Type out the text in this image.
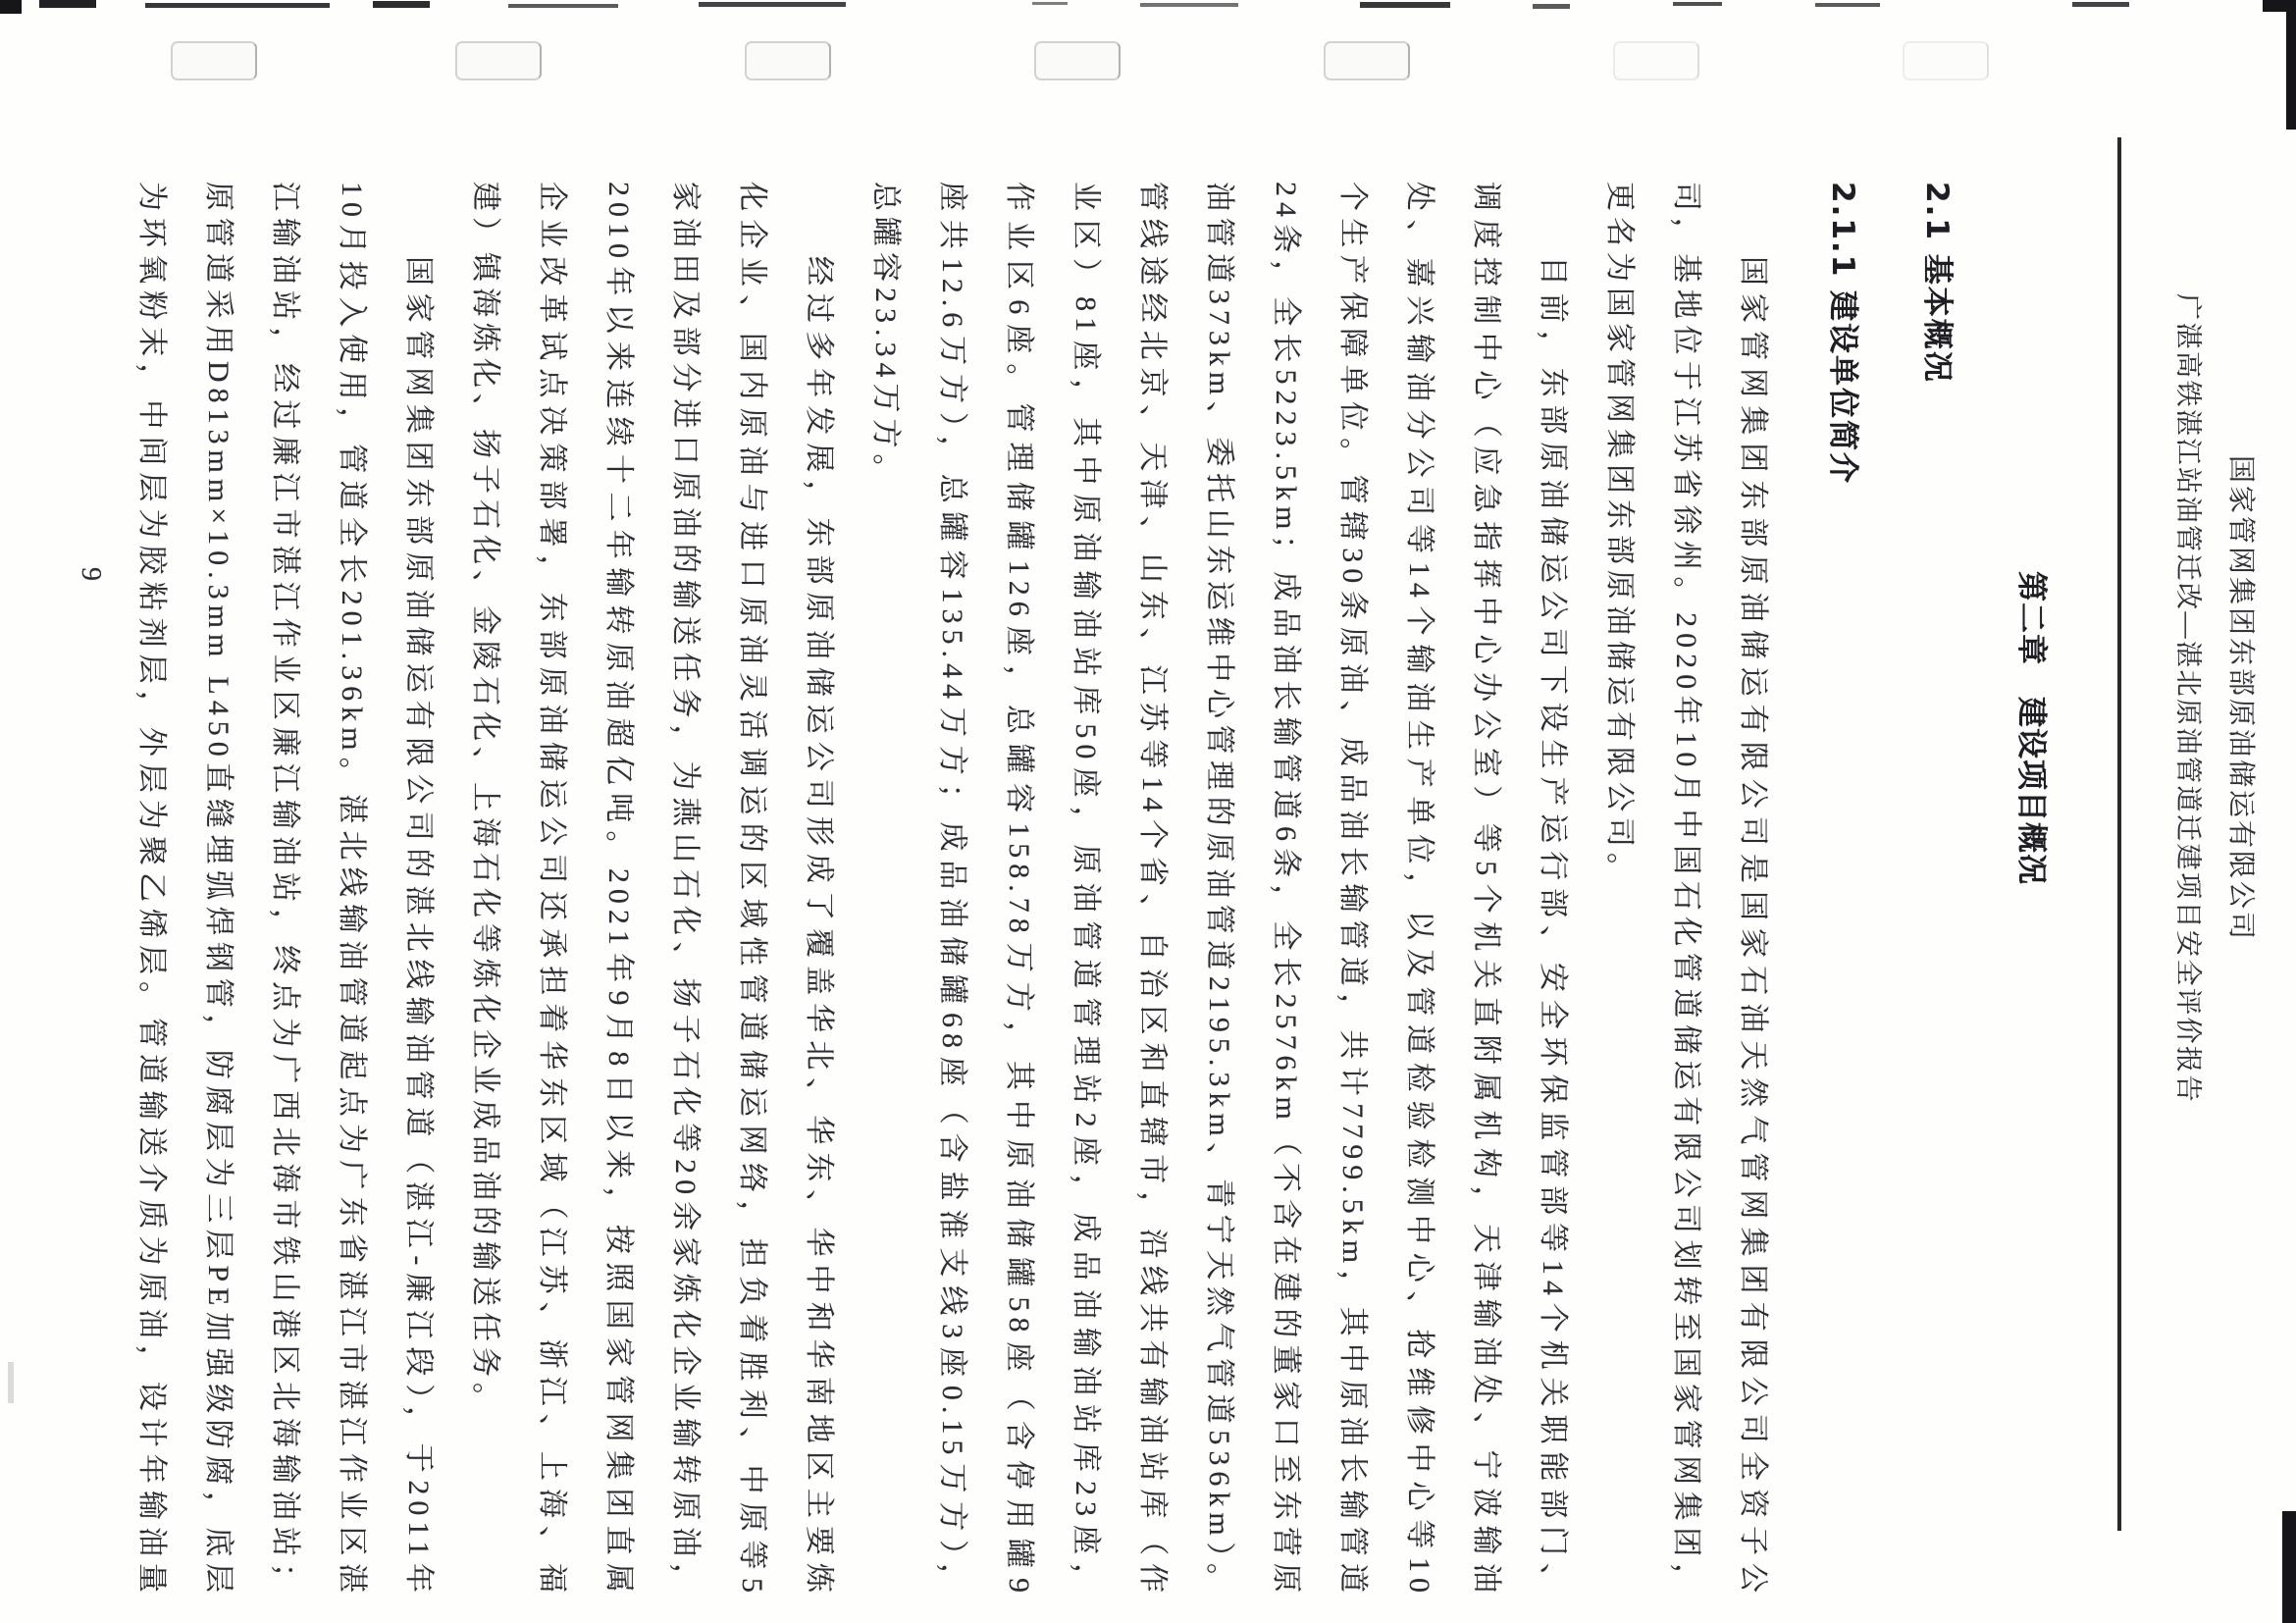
国家管网集团东部原油储运有限公司
广湛高铁湛江站油管迁改—湛北原油管道迁建项目安全评价报告
第二章　建设项目概况
2.1 基本概况
2.1.1 建设单位简介
国家管网集团东部原油储运有限公司是国家石油天然气管网集团有限公司全资子公
司，基地位于江苏省徐州。2020年10月中国石化管道储运有限公司划转至国家管网集团，
更名为国家管网集团东部原油储运有限公司。
目前，东部原油储运公司下设生产运行部、安全环保监管部等14个机关职能部门、
调度控制中心（应急指挥中心办公室）等5个机关直附属机构，天津输油处、宁波输油
处、嘉兴输油分公司等14个输油生产单位，以及管道检验检测中心、抢维修中心等10
个生产保障单位。管辖30条原油、成品油长输管道，共计7799.5km，其中原油长输管道
24条，全长5223.5km；成品油长输管道6条，全长2576km（不含在建的董家口至东营原
油管道373km、委托山东运维中心管理的原油管道2195.3km、青宁天然气管道536km）。
管线途经北京、天津、山东、江苏等14个省、自治区和直辖市，沿线共有输油站库（作
业区）81座，其中原油输油站库50座，原油管道管理站2座，成品油输油站库23座，
作业区6座。管理储罐126座，总罐容158.78万方，其中原油储罐58座（含停用罐9
座共12.6万方），总罐容135.44万方；成品油储罐68座（含盐淮支线3座0.15万方），
总罐容23.34万方。
经过多年发展，东部原油储运公司形成了覆盖华北、华东、华中和华南地区主要炼
化企业、国内原油与进口原油灵活调运的区域性管道储运网络，担负着胜利、中原等5
家油田及部分进口原油的输送任务，为燕山石化、扬子石化等20余家炼化企业输转原油，
2010年以来连续十二年输转原油超亿吨。2021年9月8日以来，按照国家管网集团直属
企业改革试点决策部署，东部原油储运公司还承担着华东区域（江苏、浙江、上海、福
建）镇海炼化、扬子石化、金陵石化、上海石化等炼化企业成品油的输送任务。
国家管网集团东部原油储运有限公司的湛北线输油管道（湛江-廉江段），于2011年
10月投入使用，管道全长201.36km。湛北线输油管道起点为广东省湛江市湛江作业区湛
江输油站，经过廉江市湛江作业区廉江输油站，终点为广西北海市铁山港区北海输油站；
原管道采用D813mm×10.3mm L450直缝埋弧焊钢管，防腐层为三层PE加强级防腐，底层
为环氧粉末，中间层为胶粘剂层，外层为聚乙烯层。管道输送介质为原油，设计年输油量
9
